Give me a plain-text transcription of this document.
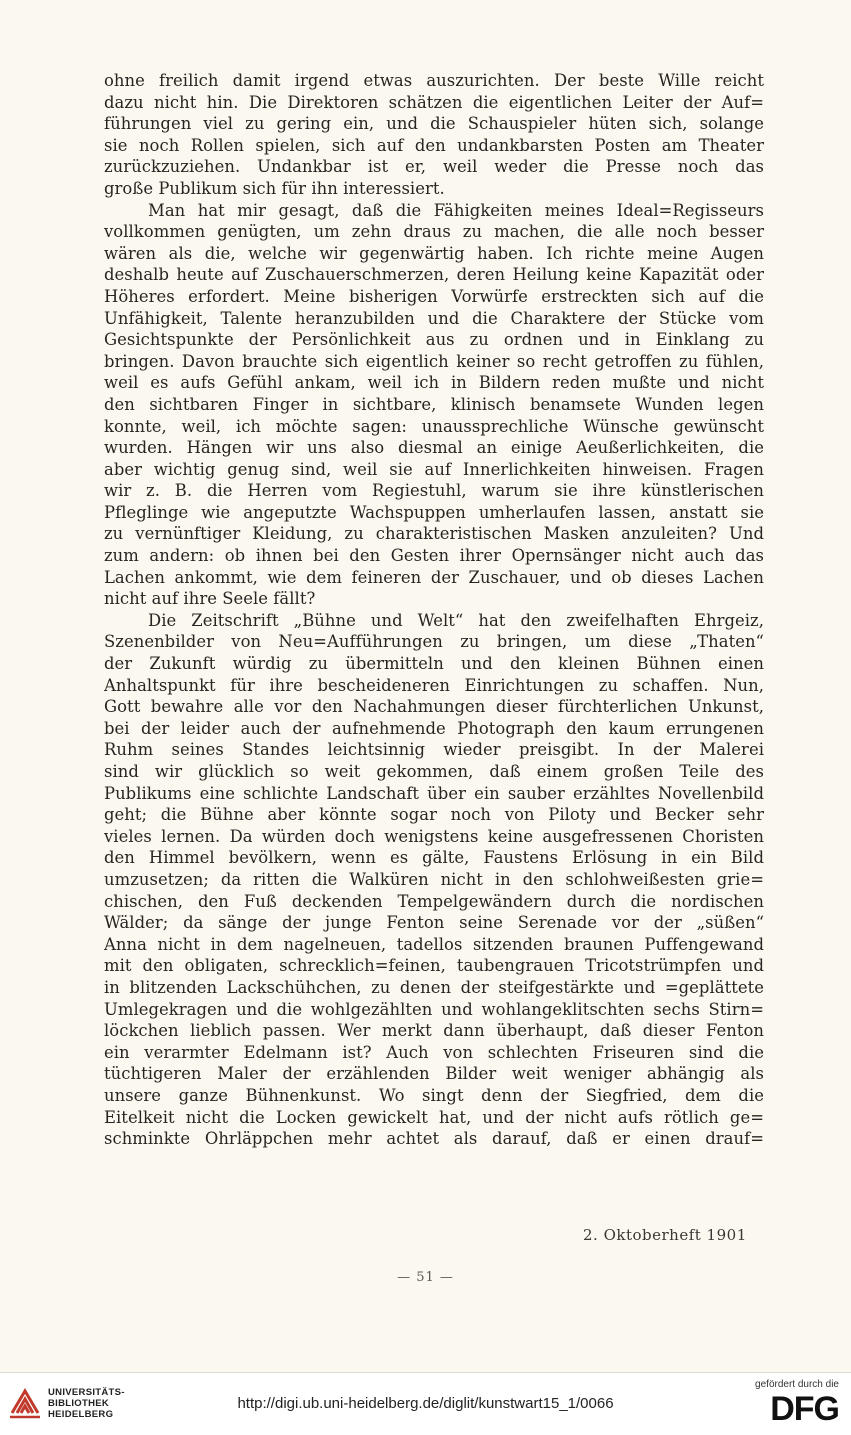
ohne freilich damit irgend etwas auszurichten. Der beste Wille reicht
dazu nicht hin. Die Direktoren schätzen die eigentlichen Leiter der Auf=
führungen viel zu gering ein, und die Schauspieler hüten sich, solange
sie noch Rollen spielen, sich auf den undankbarsten Posten am Theater
zurückzuziehen. Undankbar ist er, weil weder die Presse noch das
große Publikum sich für ihn interessiert.
Man hat mir gesagt, daß die Fähigkeiten meines Ideal=Regisseurs
vollkommen genügten, um zehn draus zu machen, die alle noch besser
wären als die, welche wir gegenwärtig haben. Ich richte meine Augen
deshalb heute auf Zuschauerschmerzen, deren Heilung keine Kapazität oder
Höheres erfordert. Meine bisherigen Vorwürfe erstreckten sich auf die
Unfähigkeit, Talente heranzubilden und die Charaktere der Stücke vom
Gesichtspunkte der Persönlichkeit aus zu ordnen und in Einklang zu
bringen. Davon brauchte sich eigentlich keiner so recht getroffen zu fühlen,
weil es aufs Gefühl ankam, weil ich in Bildern reden mußte und nicht
den sichtbaren Finger in sichtbare, klinisch benamsete Wunden legen
konnte, weil, ich möchte sagen: unaussprechliche Wünsche gewünscht
wurden. Hängen wir uns also diesmal an einige Aeußerlichkeiten, die
aber wichtig genug sind, weil sie auf Innerlichkeiten hinweisen. Fragen
wir z. B. die Herren vom Regiestuhl, warum sie ihre künstlerischen
Pfleglinge wie angeputzte Wachspuppen umherlaufen lassen, anstatt sie
zu vernünftiger Kleidung, zu charakteristischen Masken anzuleiten? Und
zum andern: ob ihnen bei den Gesten ihrer Opernsänger nicht auch das
Lachen ankommt, wie dem feineren der Zuschauer, und ob dieses Lachen
nicht auf ihre Seele fällt?
Die Zeitschrift „Bühne und Welt“ hat den zweifelhaften Ehrgeiz,
Szenenbilder von Neu=Aufführungen zu bringen, um diese „Thaten“
der Zukunft würdig zu übermitteln und den kleinen Bühnen einen
Anhaltspunkt für ihre bescheideneren Einrichtungen zu schaffen. Nun,
Gott bewahre alle vor den Nachahmungen dieser fürchterlichen Unkunst,
bei der leider auch der aufnehmende Photograph den kaum errungenen
Ruhm seines Standes leichtsinnig wieder preisgibt. In der Malerei
sind wir glücklich so weit gekommen, daß einem großen Teile des
Publikums eine schlichte Landschaft über ein sauber erzähltes Novellenbild
geht; die Bühne aber könnte sogar noch von Piloty und Becker sehr
vieles lernen. Da würden doch wenigstens keine ausgefressenen Choristen
den Himmel bevölkern, wenn es gälte, Faustens Erlösung in ein Bild
umzusetzen; da ritten die Walküren nicht in den schlohweißesten grie=
chischen, den Fuß deckenden Tempelgewändern durch die nordischen
Wälder; da sänge der junge Fenton seine Serenade vor der „süßen“
Anna nicht in dem nagelneuen, tadellos sitzenden braunen Puffengewand
mit den obligaten, schrecklich=feinen, taubengrauen Tricotstrümpfen und
in blitzenden Lackschühchen, zu denen der steifgestärkte und =geplättete
Umlegekragen und die wohlgezählten und wohlangeklitschten sechs Stirn=
löckchen lieblich passen. Wer merkt dann überhaupt, daß dieser Fenton
ein verarmter Edelmann ist? Auch von schlechten Friseuren sind die
tüchtigeren Maler der erzählenden Bilder weit weniger abhängig als
unsere ganze Bühnenkunst. Wo singt denn der Siegfried, dem die
Eitelkeit nicht die Locken gewickelt hat, und der nicht aufs rötlich ge=
schminkte Ohrläppchen mehr achtet als darauf, daß er einen drauf=
2. Oktoberheft 1901
— 51 —
UNIVERSITÄTS-
BIBLIOTHEK
HEIDELBERG
http://digi.ub.uni-heidelberg.de/diglit/kunstwart15_1/0066
gefördert durch die
DFG
